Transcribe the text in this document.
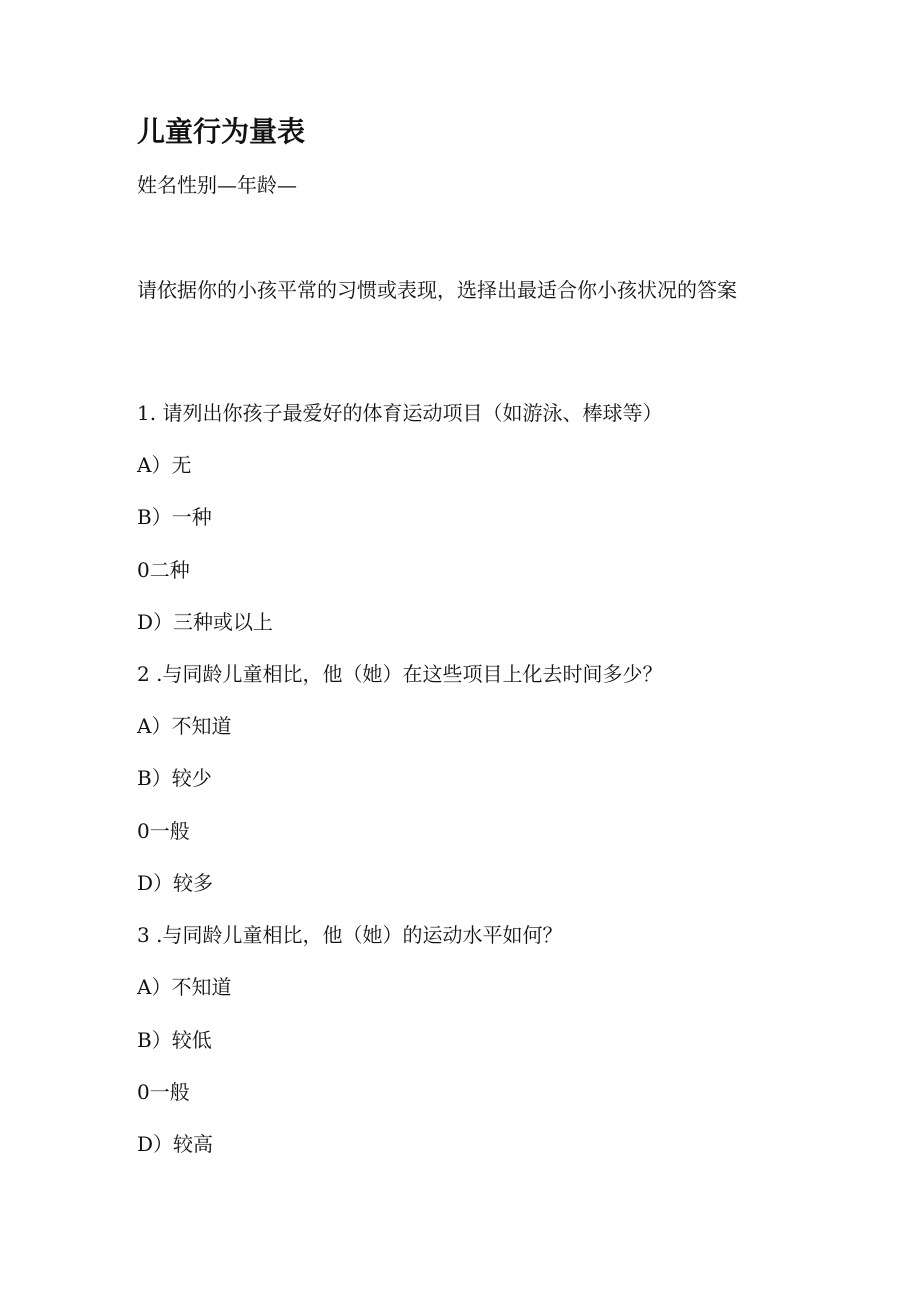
儿童行为量表

姓名性别—年龄—

请依据你的小孩平常的习惯或表现，选择出最适合你小孩状况的答案

1. 请列出你孩子最爱好的体育运动项目（如游泳、棒球等）

A）无

B）一种

0二种

D）三种或以上

2 .与同龄儿童相比，他（她）在这些项目上化去时间多少？

A）不知道

B）较少

0一般

D）较多

3 .与同龄儿童相比，他（她）的运动水平如何？

A）不知道

B）较低

0一般

D）较高
